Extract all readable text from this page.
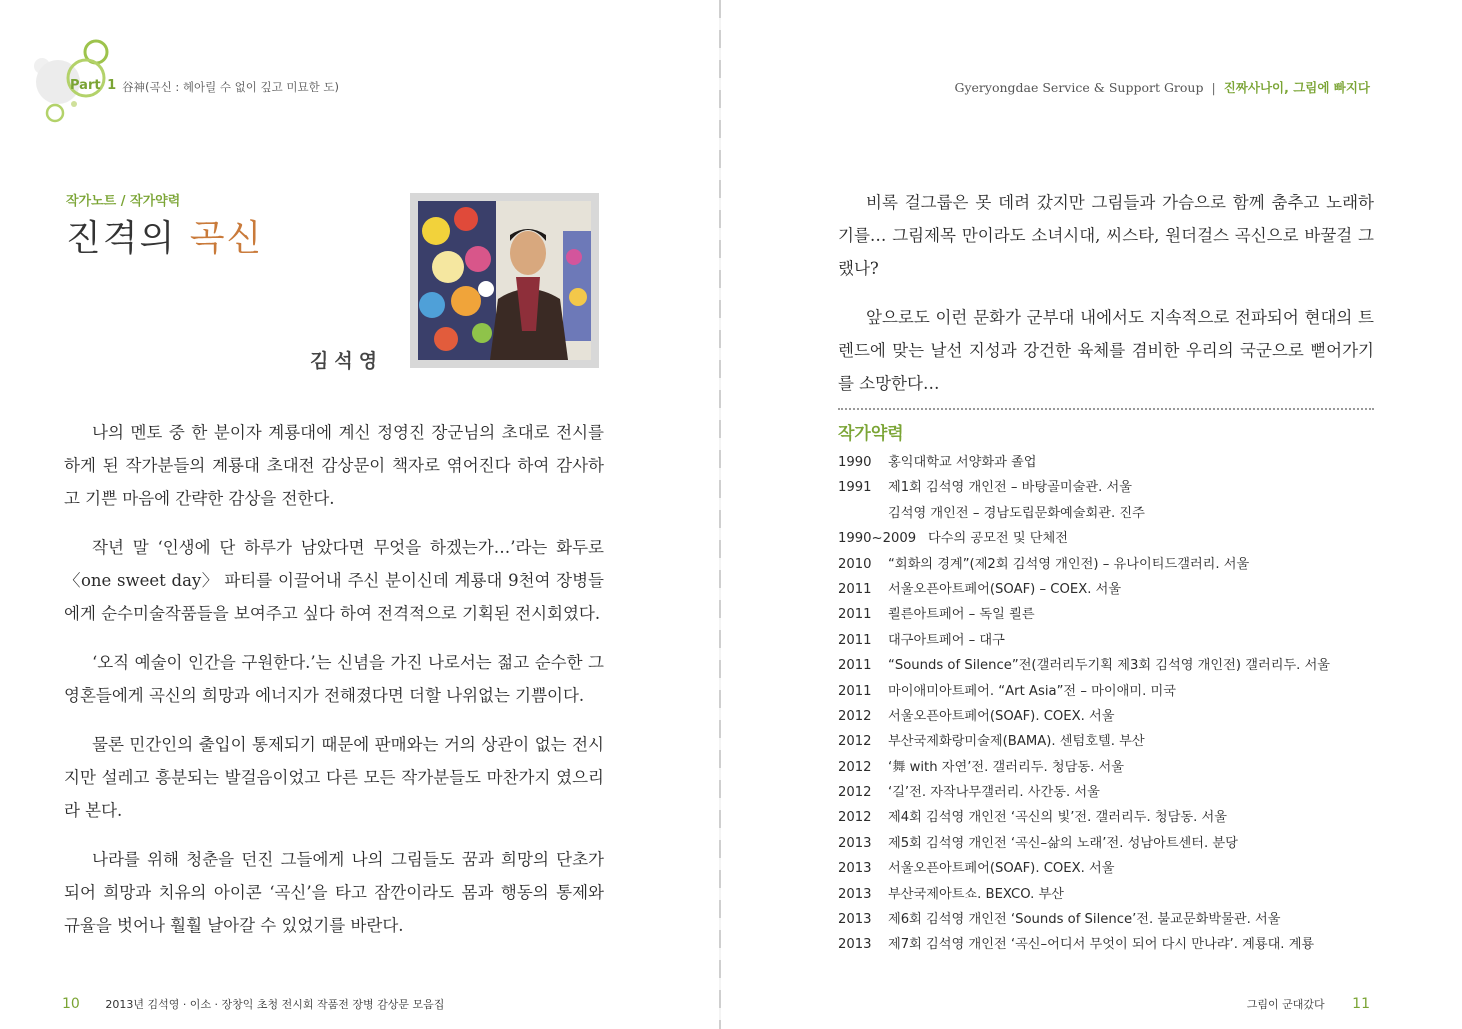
Part 1 谷神(곡신 : 헤아릴 수 없이 깊고 미묘한 도)
작가노트 / 작가약력
진격의 곡신
김석영

나의 멘토 중 한 분이자 계룡대에 계신 정영진 장군님의 초대로 전시를 하게 된 작가분들의 계룡대 초대전 감상문이 책자로 엮어진다 하여 감사하고 기쁜 마음에 간략한 감상을 전한다.

작년 말 ‘인생에 단 하루가 남았다면 무엇을 하겠는가…’라는 화두로 〈one sweet day〉 파티를 이끌어내 주신 분이신데 계룡대 9천여 장병들에게 순수미술작품들을 보여주고 싶다 하여 전격적으로 기획된 전시회였다.

‘오직 예술이 인간을 구원한다.’는 신념을 가진 나로서는 젊고 순수한 그 영혼들에게 곡신의 희망과 에너지가 전해졌다면 더할 나위없는 기쁨이다.

물론 민간인의 출입이 통제되기 때문에 판매와는 거의 상관이 없는 전시지만 설레고 흥분되는 발걸음이었고 다른 모든 작가분들도 마찬가지 였으리라 본다.

나라를 위해 청춘을 던진 그들에게 나의 그림들도 꿈과 희망의 단초가 되어 희망과 치유의 아이콘 ‘곡신’을 타고 잠깐이라도 몸과 행동의 통제와 규율을 벗어나 훨훨 날아갈 수 있었기를 바란다.

10 2013년 김석영 · 이소 · 장창익 초청 전시회 작품전 장병 감상문 모음집
Gyeryongdae Service & Support Group | 진짜사나이, 그림에 빠지다

비록 걸그룹은 못 데려 갔지만 그림들과 가슴으로 함께 춤추고 노래하기를… 그림제목 만이라도 소녀시대, 씨스타, 원더걸스 곡신으로 바꿀걸 그랬나?

앞으로도 이런 문화가 군부대 내에서도 지속적으로 전파되어 현대의 트렌드에 맞는 날선 지성과 강건한 육체를 겸비한 우리의 국군으로 뻗어가기를 소망한다…

작가약력
1990 홍익대학교 서양화과 졸업
1991 제1회 김석영 개인전 – 바탕골미술관. 서울
김석영 개인전 – 경남도립문화예술회관. 진주
1990~2009 다수의 공모전 및 단체전
2010 “회화의 경계”(제2회 김석영 개인전) – 유나이티드갤러리. 서울
2011 서울오픈아트페어(SOAF) – COEX. 서울
2011 쾰른아트페어 – 독일 쾰른
2011 대구아트페어 – 대구
2011 “Sounds of Silence”전(갤러리두기획 제3회 김석영 개인전) 갤러리두. 서울
2011 마이애미아트페어. “Art Asia”전 – 마이애미. 미국
2012 서울오픈아트페어(SOAF). COEX. 서울
2012 부산국제화랑미술제(BAMA). 센텀호텔. 부산
2012 ‘舞 with 자연’전. 갤러리두. 청담동. 서울
2012 ‘길’전. 자작나무갤러리. 사간동. 서울
2012 제4회 김석영 개인전 ‘곡신의 빛’전. 갤러리두. 청담동. 서울
2013 제5회 김석영 개인전 ‘곡신–삶의 노래’전. 성남아트센터. 분당
2013 서울오픈아트페어(SOAF). COEX. 서울
2013 부산국제아트쇼. BEXCO. 부산
2013 제6회 김석영 개인전 ‘Sounds of Silence’전. 불교문화박물관. 서울
2013 제7회 김석영 개인전 ‘곡신–어디서 무엇이 되어 다시 만나랴’. 계룡대. 계룡
그림이 군대갔다 11
